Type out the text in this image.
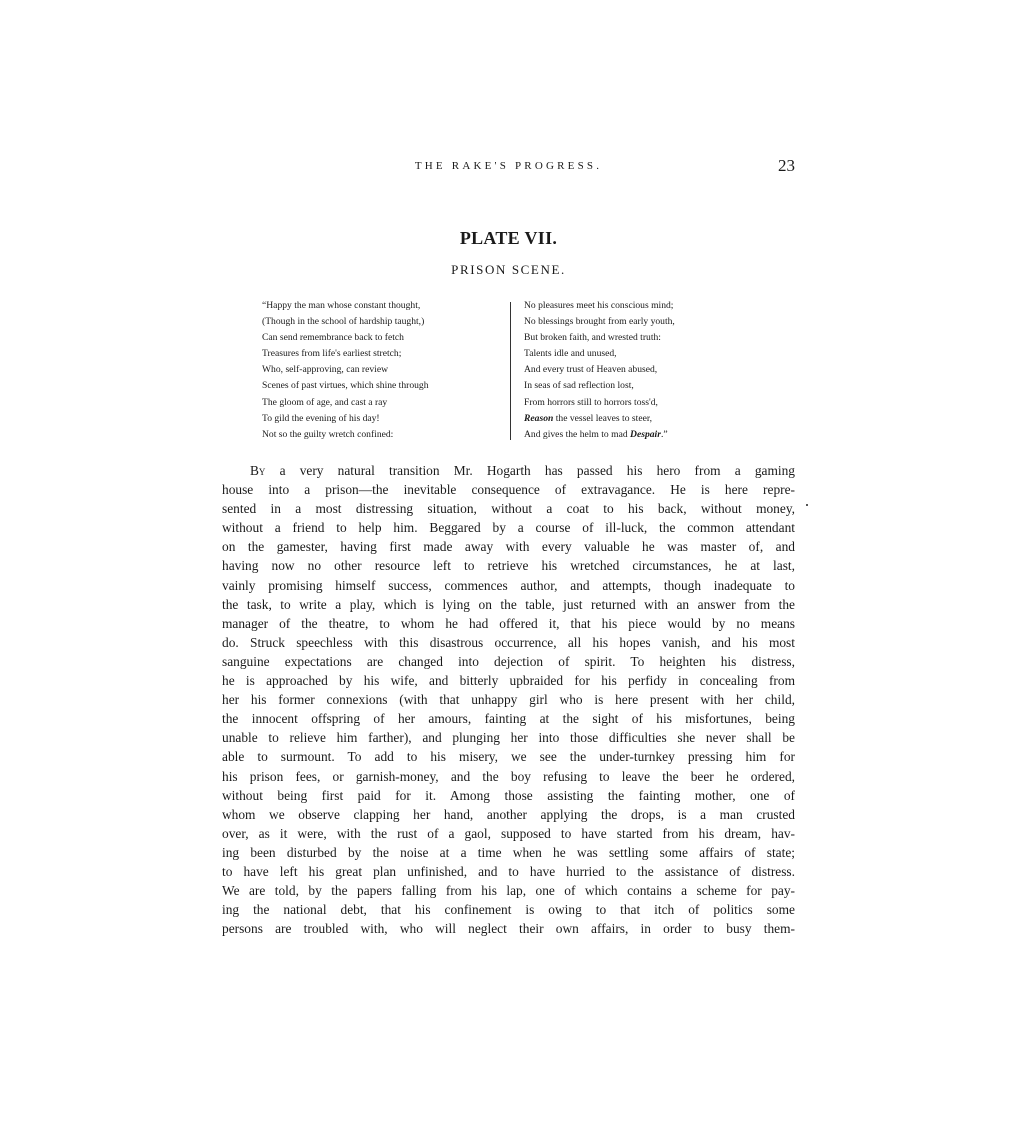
THE RAKE'S PROGRESS.	23
PLATE VII.
PRISON SCENE.
“Happy the man whose constant thought,
(Though in the school of hardship taught,)
Can send remembrance back to fetch
Treasures from life's earliest stretch;
Who, self-approving, can review
Scenes of past virtues, which shine through
The gloom of age, and cast a ray
To gild the evening of his day!
Not so the guilty wretch confined:
No pleasures meet his conscious mind;
No blessings brought from early youth,
But broken faith, and wrested truth:
Talents idle and unused,
And every trust of Heaven abused,
In seas of sad reflection lost,
From horrors still to horrors toss'd,
Reason the vessel leaves to steer,
And gives the helm to mad Despair.”
By a very natural transition Mr. Hogarth has passed his hero from a gaming
house into a prison—the inevitable consequence of extravagance. He is here repre-
sented in a most distressing situation, without a coat to his back, without money,
without a friend to help him. Beggared by a course of ill-luck, the common attendant
on the gamester, having first made away with every valuable he was master of, and
having now no other resource left to retrieve his wretched circumstances, he at last,
vainly promising himself success, commences author, and attempts, though inadequate to
the task, to write a play, which is lying on the table, just returned with an answer from the
manager of the theatre, to whom he had offered it, that his piece would by no means
do. Struck speechless with this disastrous occurrence, all his hopes vanish, and his most
sanguine expectations are changed into dejection of spirit. To heighten his distress,
he is approached by his wife, and bitterly upbraided for his perfidy in concealing from
her his former connexions (with that unhappy girl who is here present with her child,
the innocent offspring of her amours, fainting at the sight of his misfortunes, being
unable to relieve him farther), and plunging her into those difficulties she never shall be
able to surmount. To add to his misery, we see the under-turnkey pressing him for
his prison fees, or garnish-money, and the boy refusing to leave the beer he ordered,
without being first paid for it. Among those assisting the fainting mother, one of
whom we observe clapping her hand, another applying the drops, is a man crusted
over, as it were, with the rust of a gaol, supposed to have started from his dream, hav-
ing been disturbed by the noise at a time when he was settling some affairs of state;
to have left his great plan unfinished, and to have hurried to the assistance of distress.
We are told, by the papers falling from his lap, one of which contains a scheme for pay-
ing the national debt, that his confinement is owing to that itch of politics some
persons are troubled with, who will neglect their own affairs, in order to busy them-
